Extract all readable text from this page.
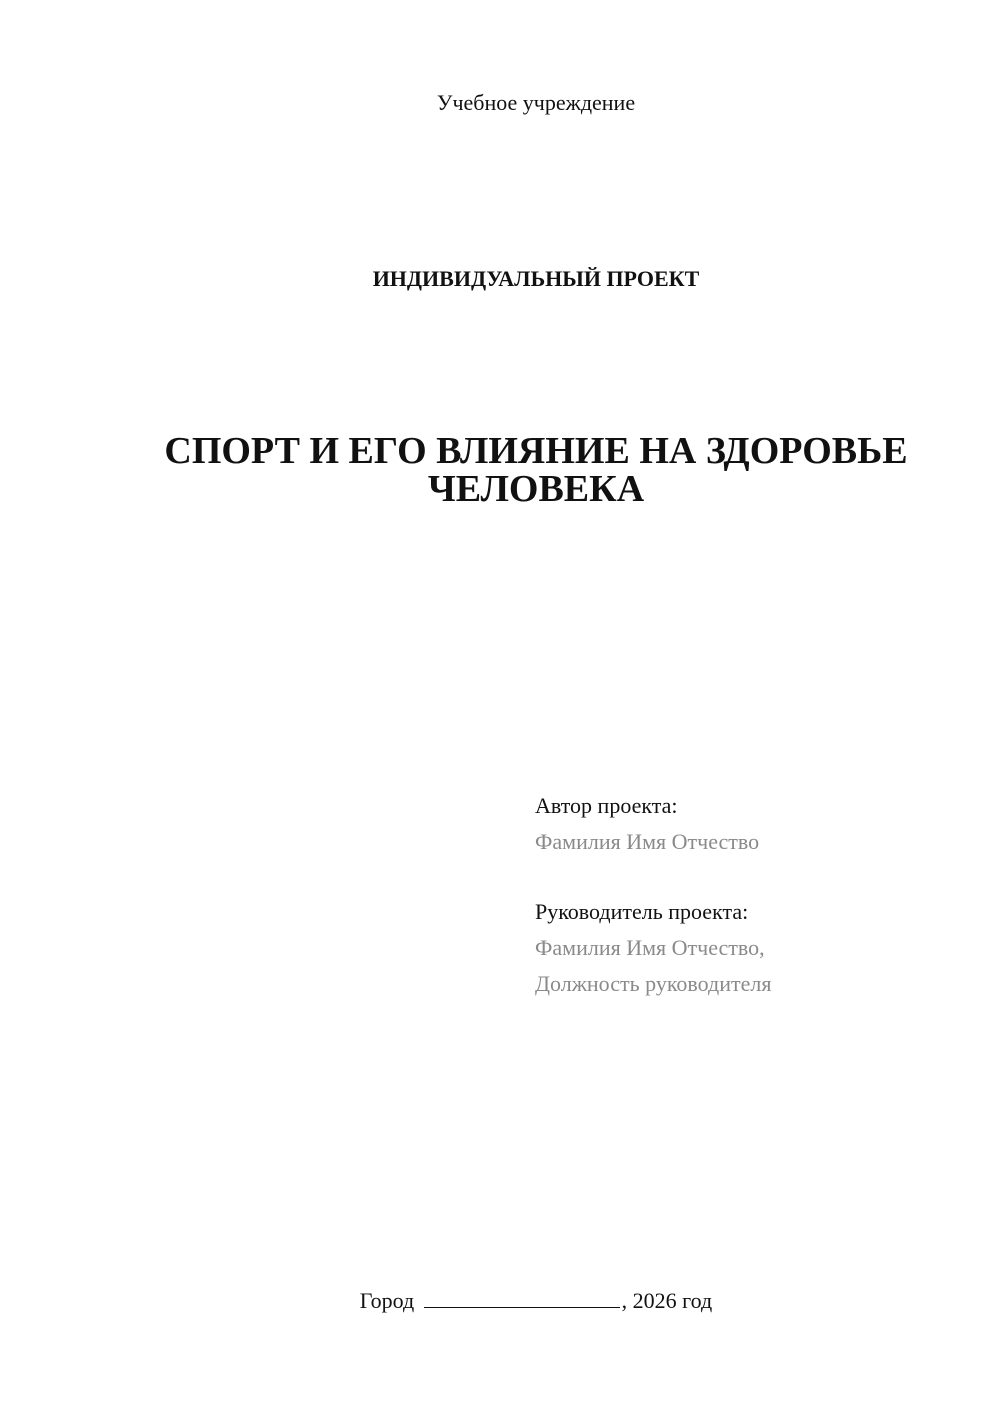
Учебное учреждение
ИНДИВИДУАЛЬНЫЙ ПРОЕКТ
СПОРТ И ЕГО ВЛИЯНИЕ НА ЗДОРОВЬЕ
ЧЕЛОВЕКА
Автор проекта:
Фамилия Имя Отчество
Руководитель проекта:
Фамилия Имя Отчество,
Должность руководителя
Город	, 2026 год
